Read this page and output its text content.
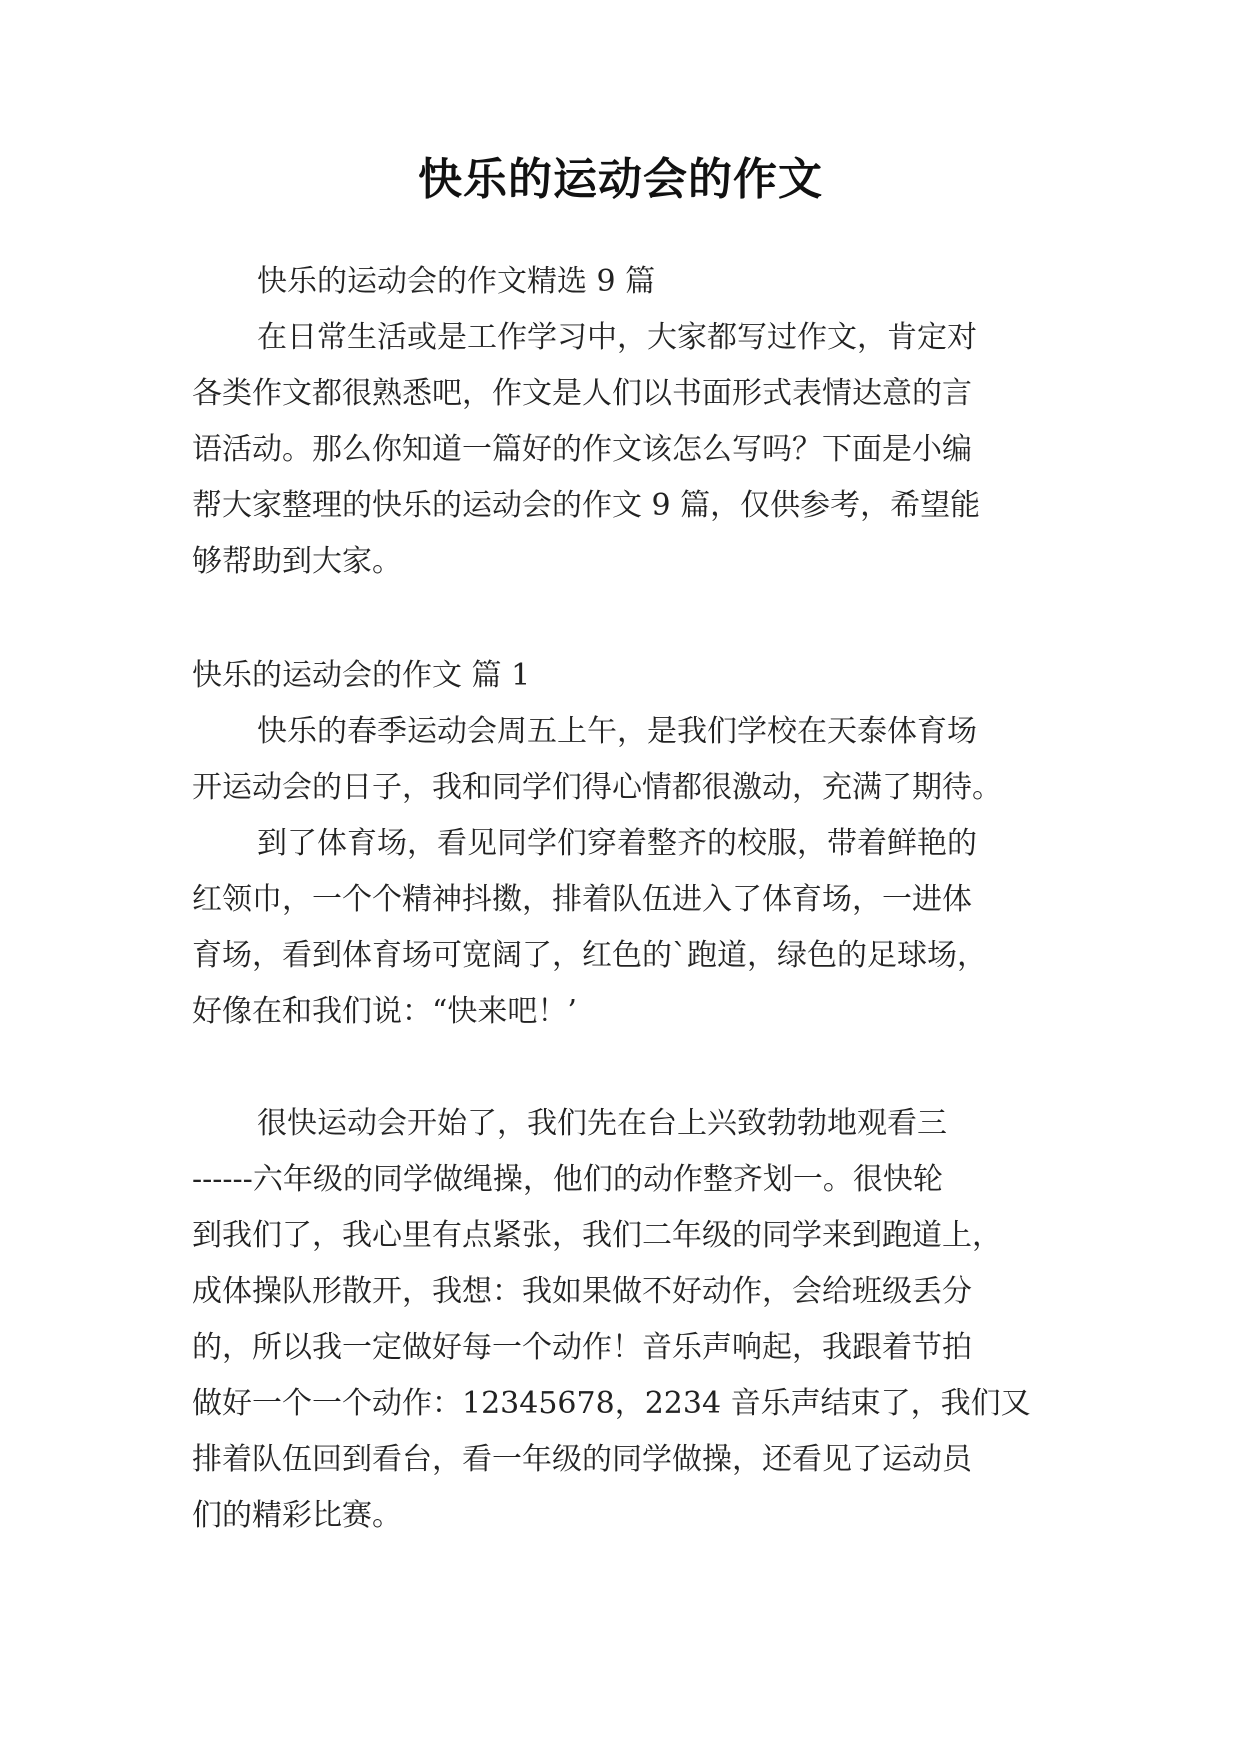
快乐的运动会的作文
快乐的运动会的作文精选 9 篇
在日常生活或是工作学习中，大家都写过作文，肯定对
各类作文都很熟悉吧，作文是人们以书面形式表情达意的言
语活动。那么你知道一篇好的作文该怎么写吗？下面是小编
帮大家整理的快乐的运动会的作文 9 篇，仅供参考，希望能
够帮助到大家。
快乐的运动会的作文 篇 1
快乐的春季运动会周五上午，是我们学校在天泰体育场
开运动会的日子，我和同学们得心情都很激动，充满了期待。
到了体育场，看见同学们穿着整齐的校服，带着鲜艳的
红领巾，一个个精神抖擞，排着队伍进入了体育场，一进体
育场，看到体育场可宽阔了，红色的`跑道，绿色的足球场，
好像在和我们说：“快来吧！’
很快运动会开始了，我们先在台上兴致勃勃地观看三
------六年级的同学做绳操，他们的动作整齐划一。很快轮
到我们了，我心里有点紧张，我们二年级的同学来到跑道上，
成体操队形散开，我想：我如果做不好动作，会给班级丢分
的，所以我一定做好每一个动作！音乐声响起，我跟着节拍
做好一个一个动作：12345678，2234 音乐声结束了，我们又
排着队伍回到看台，看一年级的同学做操，还看见了运动员
们的精彩比赛。
